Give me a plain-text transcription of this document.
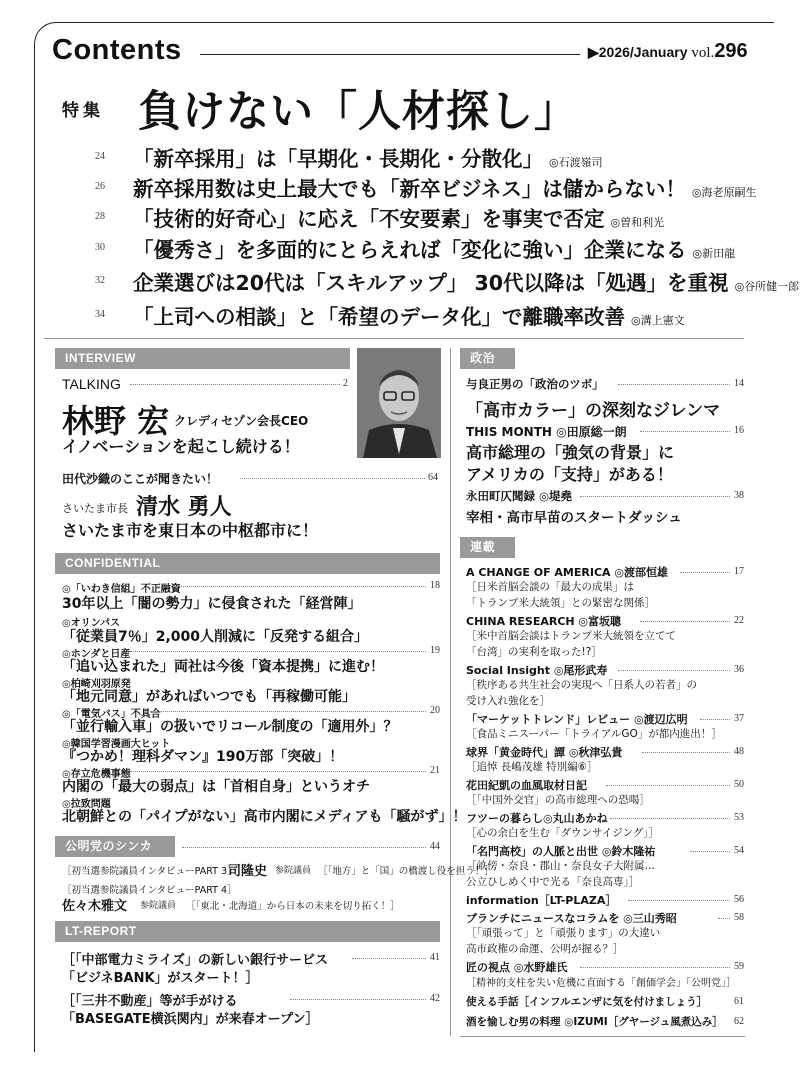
Contents	▶2026/January vol.296
特集 負けない「人材探し」
24	「新卒採用」は「早期化・長期化・分散化」 ◎石渡嶺司
26	新卒採用数は史上最大でも「新卒ビジネス」は儲からない！ ◎海老原嗣生
28	「技術的好奇心」に応え「不安要素」を事実で否定 ◎曽和利光
30	「優秀さ」を多面的にとらえれば「変化に強い」企業になる ◎新田龍
32	企業選びは20代は「スキルアップ」 30代以降は「処遇」を重視 ◎谷所健一郎
34	「上司への相談」と「希望のデータ化」で離職率改善 ◎溝上憲文
INTERVIEW
TALKING	2
林野 宏 クレディセゾン会長CEO
イノベーションを起こし続ける！
田代沙織のここが聞きたい！	64
さいたま市長 清水 勇人
さいたま市を東日本の中枢都市に！
CONFIDENTIAL
◎「いわき信組」不正融資	18
30年以上「闇の勢力」に侵食された「経営陣」
◎オリンパス
「従業員7％」2,000人削減に「反発する組合」
◎ホンダと日産	19
「追い込まれた」両社は今後「資本提携」に進む！
◎柏崎刈羽原発
「地元同意」があればいつでも「再稼働可能」
◎「電気バス」不具合	20
「並行輸入車」の扱いでリコール制度の「適用外」？
◎韓国学習漫画大ヒット
『つかめ！理科ダマン』190万部「突破」！
◎存立危機事態	21
内閣の「最大の弱点」は「首相自身」というオチ
◎拉致問題
北朝鮮との「パイプがない」高市内閣にメディアも「騒がず」！
公明党のシンカ	44
［初当選参院議員インタビューPART 3］
司隆史 参院議員 ［「地方」と「国」の橋渡し役を担う！］
［初当選参院議員インタビューPART 4］
佐々木雅文 参院議員 ［「東北・北海道」から日本の未来を切り拓く！］
LT-REPORT
［「中部電力ミライズ」の新しい銀行サービス	41
「ビジネBANK」がスタート！］
［「三井不動産」等が手がける	42
「BASEGATE横浜関内」が来春オープン］
政治
与良正男の「政治のツボ」	14
「高市カラー」の深刻なジレンマ
THIS MONTH ◎田原総一朗	16
高市総理の「強気の背景」に
アメリカの「支持」がある！
永田町仄聞録 ◎堤堯	38
宰相・高市早苗のスタートダッシュ
連載
A CHANGE OF AMERICA ◎渡部恒雄	17
［日米首脳会談の「最大の成果」は
「トランプ米大統領」との緊密な関係］
CHINA RESEARCH ◎富坂聰	22
［米中首脳会談はトランプ米大統領を立てて
「台湾」の実利を取った!?］
Social Insight ◎尾形武寿	36
［秩序ある共生社会の実現へ「日系人の若者」の
受け入れ強化を］
「マーケットトレンド」レビュー ◎渡辺広明	37
［食品ミニスーパー「トライアルGO」が都内進出！］
球界「黄金時代」譚 ◎秋津弘貴	48
［追悼 長嶋茂雄 特別編⑥］
花田紀凱の血風取材日記	50
［「中国外交官」の高市総理への恐喝］
フツーの暮らし◎丸山あかね	53
［心の余白を生む「ダウンサイジング」］
「名門高校」の人脈と出世 ◎鈴木隆祐	54
［畝傍・奈良・郡山・奈良女子大附属…
公立ひしめく中で光る「奈良高専」］
information［LT-PLAZA］	56
ブランチにニュースなコラムを ◎三山秀昭	58
［「頑張って」と「頑張ります」の大違い
高市政権の命運、公明が握る？］
匠の視点 ◎水野雄氏	59
［精神的支柱を失い危機に直面する「創価学会」「公明党」］
使える手話［インフルエンザに気を付けましょう］	61
酒を愉しむ男の料理 ◎IZUMI［グヤージュ風煮込み］ 62
